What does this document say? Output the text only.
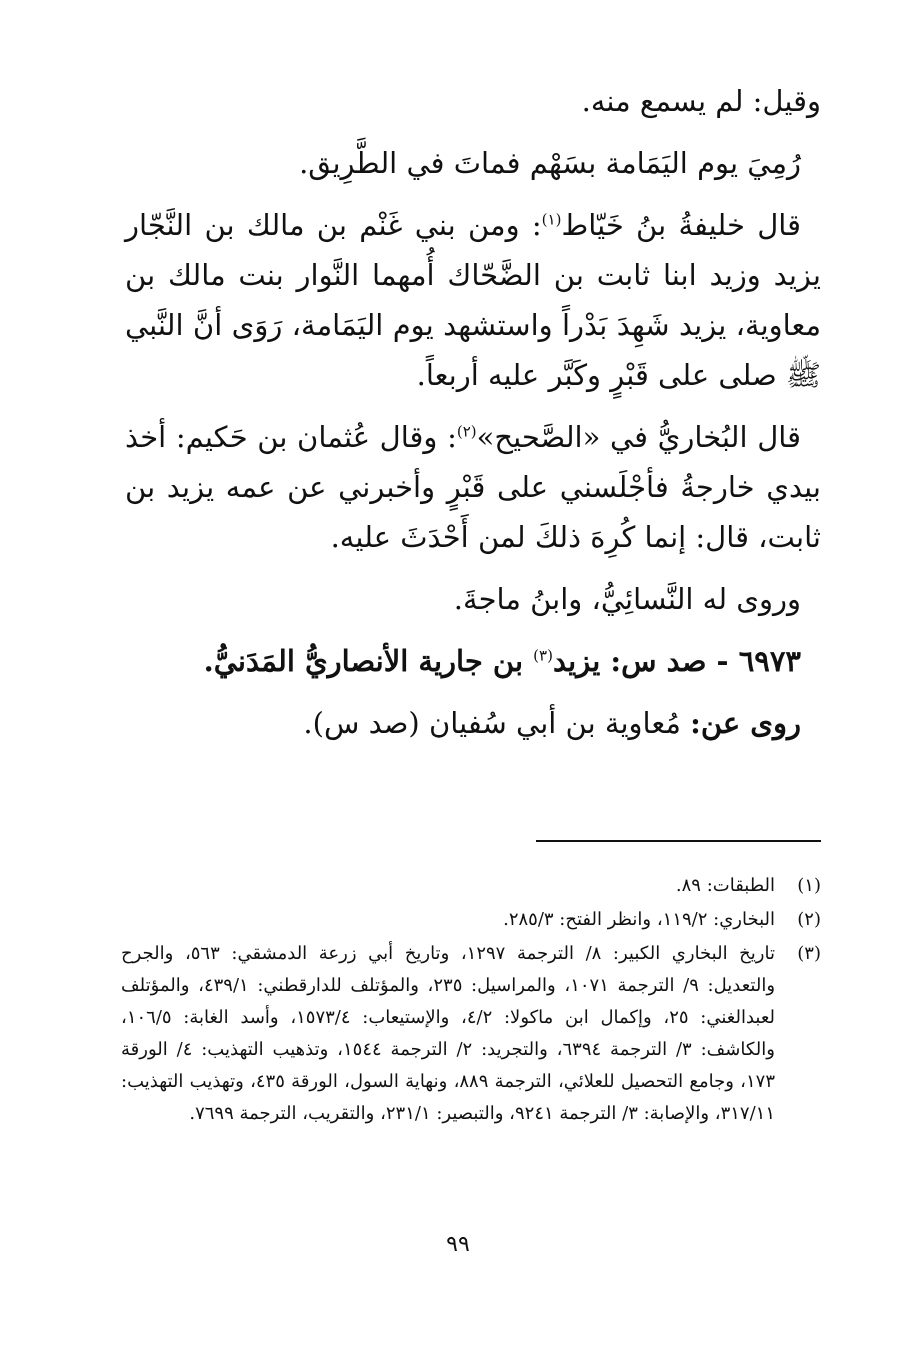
وقيل: لم يسمع منه.

رُمِيَ يوم اليَمَامة بسَهْم فماتَ في الطَّرِيق.

قال خليفةُ بنُ خَيّاط$^{(١)}$: ومن بني غَنْم بن مالك بن النَّجّار يزيد وزيد ابنا ثابت بن الضَّحّاك أُمهما النَّوار بنت مالك بن معاوية، يزيد شَهِدَ بَدْراً واستشهد يوم اليَمَامة، رَوَى أنَّ النَّبي ﷺ صلى على قَبْرٍ وكَبَّر عليه أربعاً.

قال البُخاريُّ في «الصَّحيح»$^{(٢)}$: وقال عُثمان بن حَكيم: أخذ بيدي خارجةُ فأجْلَسني على قَبْرٍ وأخبرني عن عمه يزيد بن ثابت، قال: إنما كُرِهَ ذلكَ لمن أَحْدَثَ عليه.

وروى له النَّسائِيُّ، وابنُ ماجةَ.

٦٩٧٣ - صد س: يزيد$^{(٣)}$ بن جارية الأنصاريُّ المَدَنيُّ.

روى عن: مُعاوية بن أبي سُفيان (صد س).

(١)
الطبقات: ٨٩.
(٢)
البخاري: ١١٩/٢، وانظر الفتح: ٢٨٥/٣.
(٣)
تاريخ البخاري الكبير: ٨/ الترجمة ١٢٩٧، وتاريخ أبي زرعة الدمشقي: ٥٦٣، والجرح والتعديل: ٩/ الترجمة ١٠٧١، والمراسيل: ٢٣٥، والمؤتلف للدارقطني: ٤٣٩/١، والمؤتلف لعبدالغني: ٢٥، وإكمال ابن ماكولا: ٤/٢، والإستيعاب: ١٥٧٣/٤، وأسد الغابة: ١٠٦/٥، والكاشف: ٣/ الترجمة ٦٣٩٤، والتجريد: ٢/ الترجمة ١٥٤٤، وتذهيب التهذيب: ٤/ الورقة ١٧٣، وجامع التحصيل للعلائي، الترجمة ٨٨٩، ونهاية السول، الورقة ٤٣٥، وتهذيب التهذيب: ٣١٧/١١، والإصابة: ٣/ الترجمة ٩٢٤١، والتبصير: ٢٣١/١، والتقريب، الترجمة ٧٦٩٩.
٩٩
